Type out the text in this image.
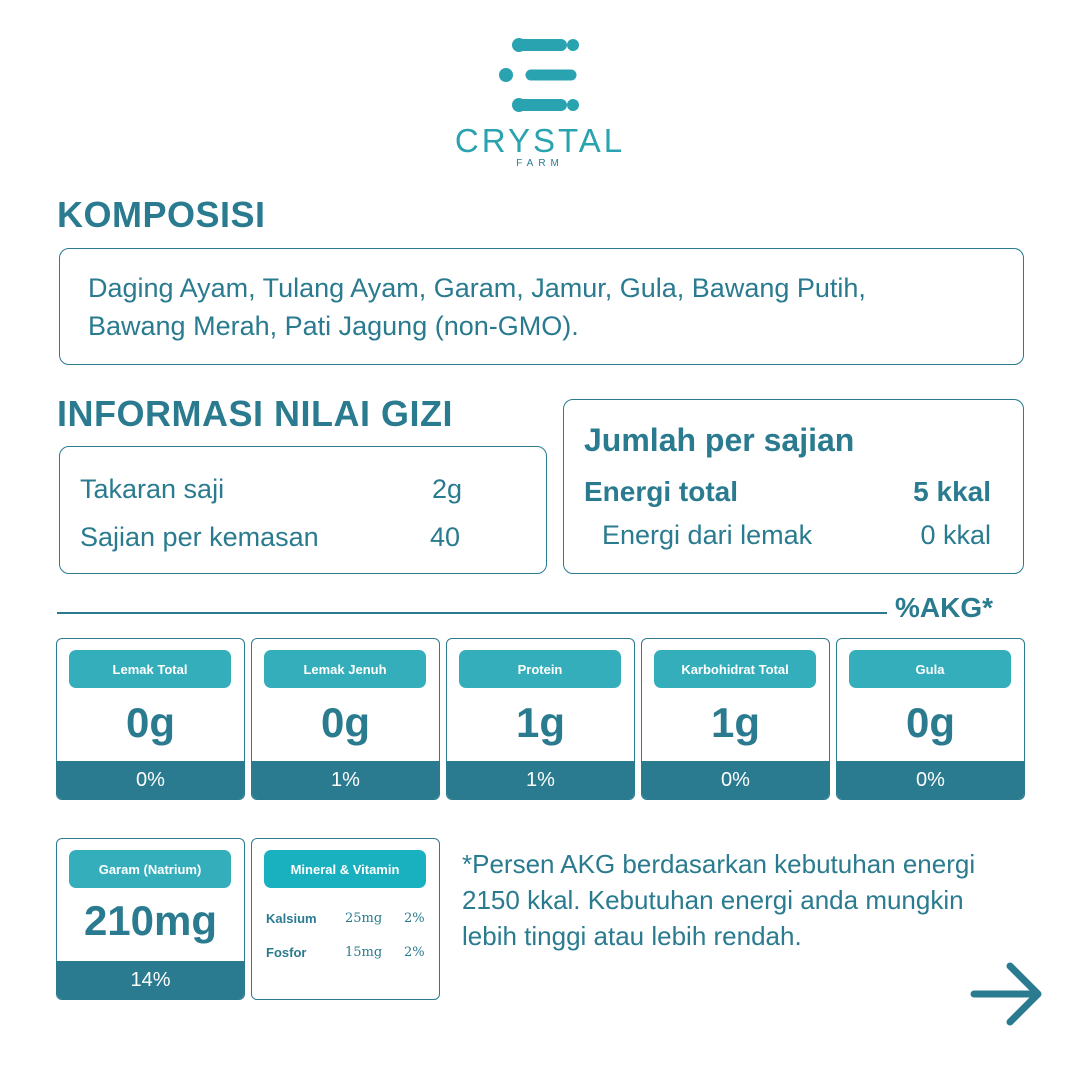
CRYSTAL
FARM
KOMPOSISI
Daging Ayam, Tulang Ayam, Garam, Jamur, Gula, Bawang Putih,
Bawang Merah, Pati Jagung (non-GMO).
INFORMASI NILAI GIZI
Takaran saji	2g
Sajian per kemasan	40
Jumlah per sajian
Energi total	5 kkal
Energi dari lemak	0 kkal
%AKG*
Lemak Total
0g
0%
Lemak Jenuh
0g
1%
Protein
1g
1%
Karbohidrat Total
1g
0%
Gula
0g
0%
Garam (Natrium)
210mg
14%
Mineral & Vitamin
Kalsium 25mg 2%
Fosfor	15mg 2%
*Persen AKG berdasarkan kebutuhan energi
2150 kkal. Kebutuhan energi anda mungkin
lebih tinggi atau lebih rendah.
